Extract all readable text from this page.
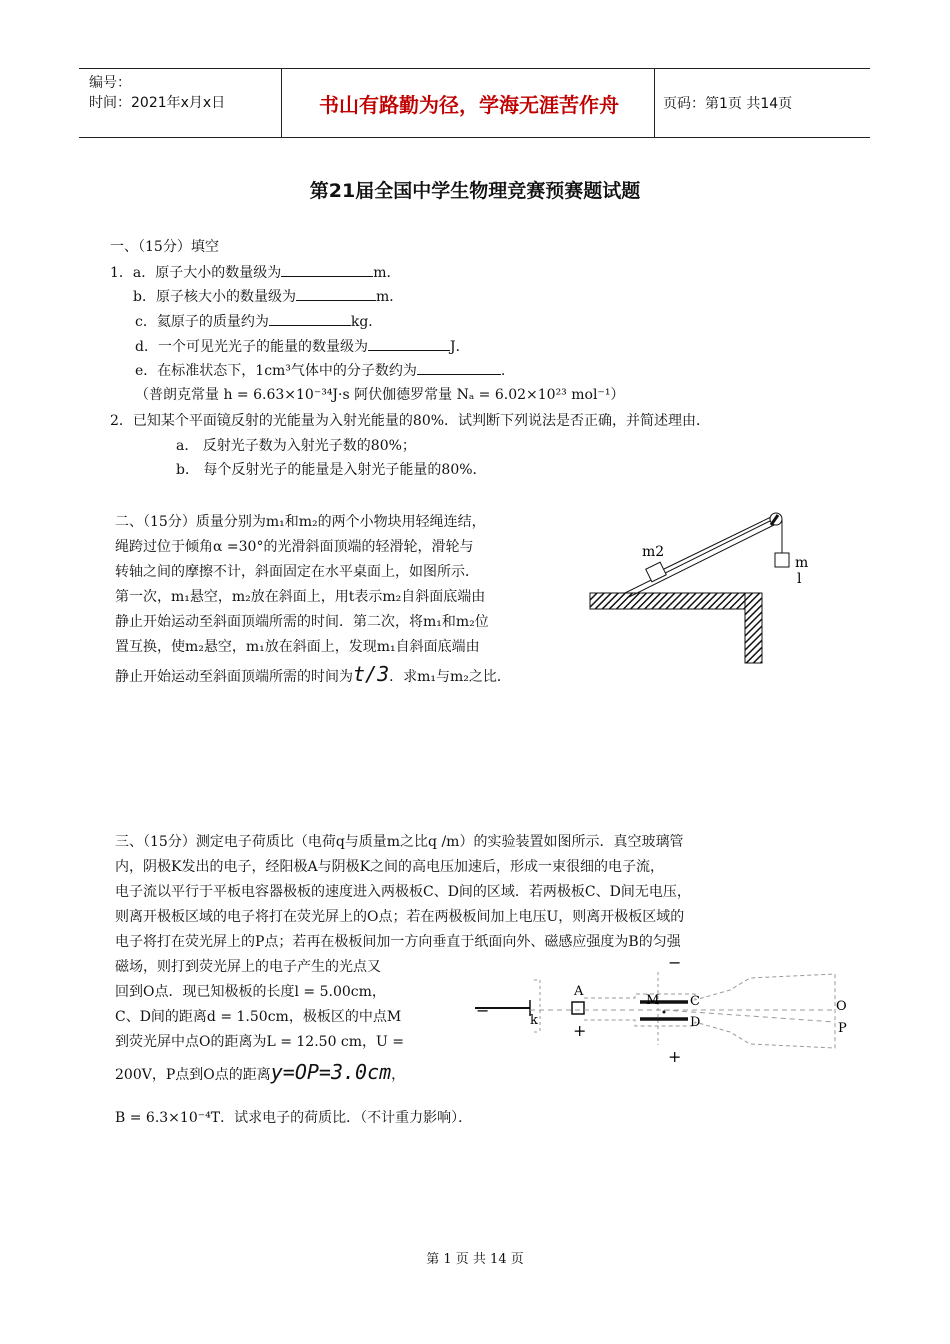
编号：
时间：2021年x月x日	书山有路勤为径，学海无涯苦作舟	页码：第1页 共14页
第21届全国中学生物理竞赛预赛题试题
一、（15分）填空
1．a．原子大小的数量级为	m．
b．原子核大小的数量级为	m．
c．氦原子的质量约为	kg．
d．一个可见光光子的能量的数量级为	J．
e．在标准状态下，1cm³气体中的分子数约为	.
（普朗克常量 h = 6.63×10⁻³⁴J·s 阿伏伽德罗常量 Nₐ = 6.02×10²³ mol⁻¹）
2．已知某个平面镜反射的光能量为入射光能量的80%．试判断下列说法是否正确，并简述理由．
a． 反射光子数为入射光子数的80%；
b． 每个反射光子的能量是入射光子能量的80%．
二、（15分）质量分别为m₁和m₂的两个小物块用轻绳连结，
绳跨过位于倾角α =30°的光滑斜面顶端的轻滑轮，滑轮与
转轴之间的摩擦不计，斜面固定在水平桌面上，如图所示．
第一次，m₁悬空，m₂放在斜面上，用t表示m₂自斜面底端由
静止开始运动至斜面顶端所需的时间．第二次，将m₁和m₂位
置互换，使m₂悬空，m₁放在斜面上，发现m₁自斜面底端由
静止开始运动至斜面顶端所需的时间为t/3．求m₁与m₂之比．
m2
m
l
三、（15分）测定电子荷质比（电荷q与质量m之比q /m）的实验装置如图所示．真空玻璃管
内，阴极K发出的电子，经阳极A与阴极K之间的高电压加速后，形成一束很细的电子流，
电子流以平行于平板电容器极板的速度进入两极板C、D间的区域．若两极板C、D间无电压，
则离开极板区域的电子将打在荧光屏上的O点；若在两极板间加上电压U，则离开极板区域的
电子将打在荧光屏上的P点；若再在极板间加一方向垂直于纸面向外、磁感应强度为B的匀强
磁场，则打到荧光屏上的电子产生的光点又
回到O点．现已知极板的长度l = 5.00cm，
C、D间的距离d = 1.50cm，极板区的中点M
到荧光屏中点O的距离为L = 12.50 cm，U =
200V，P点到O点的距离y=OP=3.0cm，
B = 6.3×10⁻⁴T．试求电子的荷质比．（不计重力影响）．
−
k
A
+
−
+
M C
D
O
P
第 1 页 共 14 页
